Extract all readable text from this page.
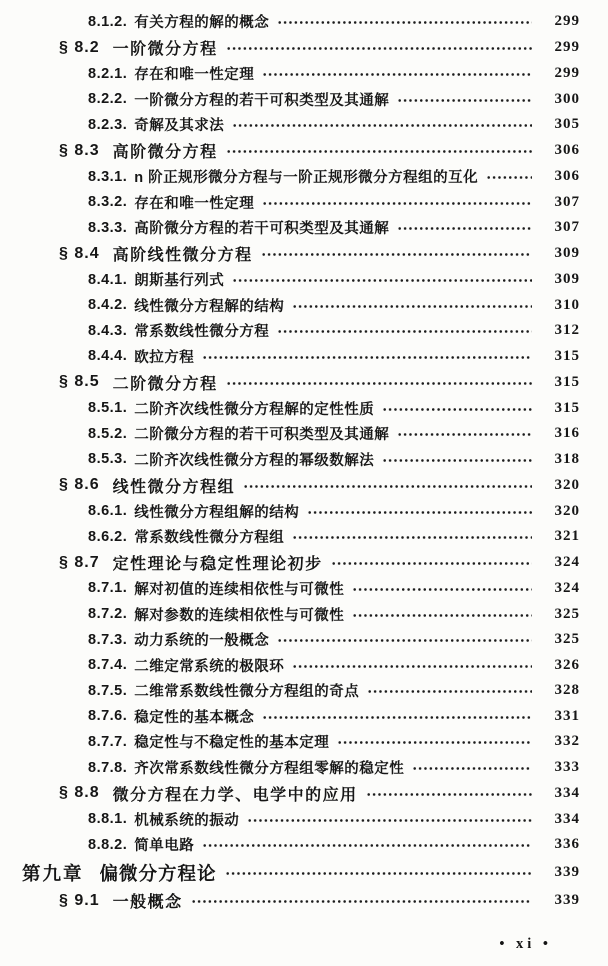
8.1.2. 有关方程的解的概念	299
§ 8.2 一阶微分方程	299
8.2.1. 存在和唯一性定理	299
8.2.2. 一阶微分方程的若干可积类型及其通解	300
8.2.3. 奇解及其求法	305
§ 8.3 高阶微分方程	306
8.3.1. n 阶正规形微分方程与一阶正规形微分方程组的互化	306
8.3.2. 存在和唯一性定理	307
8.3.3. 高阶微分方程的若干可积类型及其通解	307
§ 8.4 高阶线性微分方程	309
8.4.1. 朗斯基行列式	309
8.4.2. 线性微分方程解的结构	310
8.4.3. 常系数线性微分方程	312
8.4.4. 欧拉方程	315
§ 8.5 二阶微分方程	315
8.5.1. 二阶齐次线性微分方程解的定性性质	315
8.5.2. 二阶微分方程的若干可积类型及其通解	316
8.5.3. 二阶齐次线性微分方程的幂级数解法	318
§ 8.6 线性微分方程组	320
8.6.1. 线性微分方程组解的结构	320
8.6.2. 常系数线性微分方程组	321
§ 8.7 定性理论与稳定性理论初步	324
8.7.1. 解对初值的连续相依性与可微性	324
8.7.2. 解对参数的连续相依性与可微性	325
8.7.3. 动力系统的一般概念	325
8.7.4. 二维定常系统的极限环	326
8.7.5. 二维常系数线性微分方程组的奇点	328
8.7.6. 稳定性的基本概念	331
8.7.7. 稳定性与不稳定性的基本定理	332
8.7.8. 齐次常系数线性微分方程组零解的稳定性	333
§ 8.8 微分方程在力学、电学中的应用	334
8.8.1. 机械系统的振动	334
8.8.2. 简单电路	336
第九章 偏微分方程论	339
§ 9.1 一般概念	339
• xi •
